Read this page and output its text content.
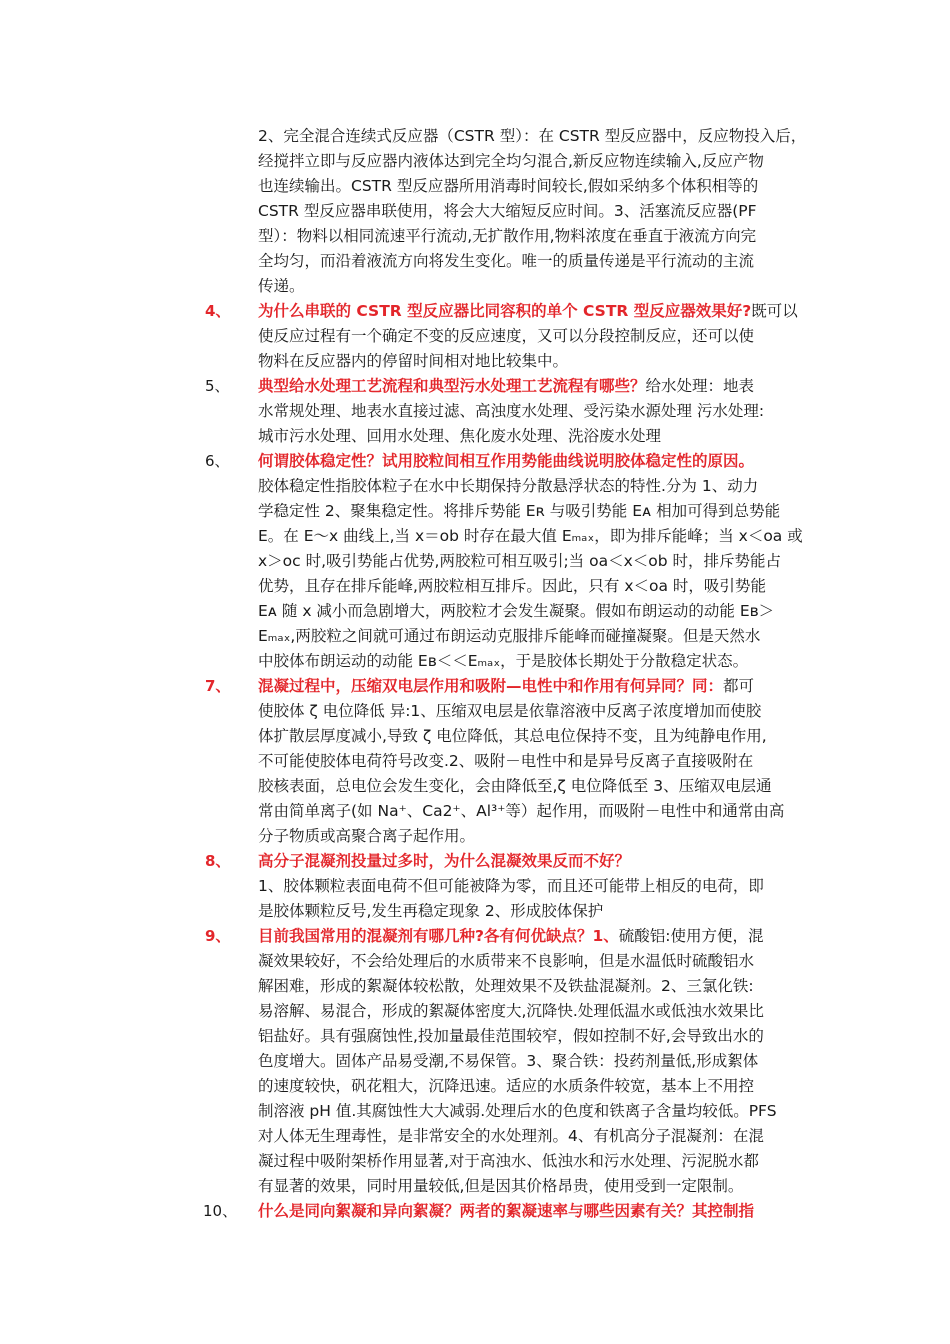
2、完全混合连续式反应器（CSTR 型）：在 CSTR 型反应器中，反应物投入后，
经搅拌立即与反应器内液体达到完全均匀混合,新反应物连续输入,反应产物
也连续输出。CSTR 型反应器所用消毒时间较长,假如采纳多个体积相等的
CSTR 型反应器串联使用，将会大大缩短反应时间。3、活塞流反应器(PF
型）：物料以相同流速平行流动,无扩散作用,物料浓度在垂直于液流方向完
全均匀，而沿着液流方向将发生变化。唯一的质量传递是平行流动的主流
传递。
4、 为什么串联的 CSTR 型反应器比同容积的单个 CSTR 型反应器效果好?既可以
使反应过程有一个确定不变的反应速度，又可以分段控制反应，还可以使
物料在反应器内的停留时间相对地比较集中。
5、 典型给水处理工艺流程和典型污水处理工艺流程有哪些？给水处理：地表
水常规处理、地表水直接过滤、高浊度水处理、受污染水源处理 污水处理:
城市污水处理、回用水处理、焦化废水处理、洗浴废水处理
6、 何谓胶体稳定性？试用胶粒间相互作用势能曲线说明胶体稳定性的原因。
胶体稳定性指胶体粒子在水中长期保持分散悬浮状态的特性.分为 1、动力
学稳定性 2、聚集稳定性。将排斥势能 Eʀ 与吸引势能 Eᴀ 相加可得到总势能
E。在 E～x 曲线上,当 x＝ob 时存在最大值 Eₘₐₓ，即为排斥能峰；当 x＜oa 或
x＞oc 时,吸引势能占优势,两胶粒可相互吸引;当 oa＜x＜ob 时，排斥势能占
优势，且存在排斥能峰,两胶粒相互排斥。因此，只有 x＜oa 时，吸引势能
Eᴀ 随 x 减小而急剧增大，两胶粒才会发生凝聚。假如布朗运动的动能 Eʙ＞
Eₘₐₓ,两胶粒之间就可通过布朗运动克服排斥能峰而碰撞凝聚。但是天然水
中胶体布朗运动的动能 Eʙ＜＜Eₘₐₓ，于是胶体长期处于分散稳定状态。
7、 混凝过程中，压缩双电层作用和吸附—电性中和作用有何异同？同：都可
使胶体 ζ 电位降低 异:1、压缩双电层是依靠溶液中反离子浓度增加而使胶
体扩散层厚度减小,导致 ζ 电位降低，其总电位保持不变，且为纯静电作用,
不可能使胶体电荷符号改变.2、吸附－电性中和是异号反离子直接吸附在
胶核表面，总电位会发生变化，会由降低至,ζ 电位降低至 3、压缩双电层通
常由简单离子(如 Na⁺、Ca2⁺、Al³⁺等）起作用，而吸附－电性中和通常由高
分子物质或高聚合离子起作用。
8、 高分子混凝剂投量过多时，为什么混凝效果反而不好？
1、胶体颗粒表面电荷不但可能被降为零，而且还可能带上相反的电荷，即
是胶体颗粒反号,发生再稳定现象 2、形成胶体保护
9、 目前我国常用的混凝剂有哪几种?各有何优缺点？1、硫酸铝:使用方便，混
凝效果较好，不会给处理后的水质带来不良影响，但是水温低时硫酸铝水
解困难，形成的絮凝体较松散，处理效果不及铁盐混凝剂。2、三氯化铁:
易溶解、易混合，形成的絮凝体密度大,沉降快.处理低温水或低浊水效果比
铝盐好。具有强腐蚀性,投加量最佳范围较窄，假如控制不好,会导致出水的
色度增大。固体产品易受潮,不易保管。3、聚合铁：投药剂量低,形成絮体
的速度较快，矾花粗大，沉降迅速。适应的水质条件较宽，基本上不用控
制溶液 pH 值.其腐蚀性大大减弱.处理后水的色度和铁离子含量均较低。PFS
对人体无生理毒性，是非常安全的水处理剂。4、有机高分子混凝剂：在混
凝过程中吸附架桥作用显著,对于高浊水、低浊水和污水处理、污泥脱水都
有显著的效果，同时用量较低,但是因其价格昂贵，使用受到一定限制。
10、 什么是同向絮凝和异向絮凝？两者的絮凝速率与哪些因素有关？其控制指
